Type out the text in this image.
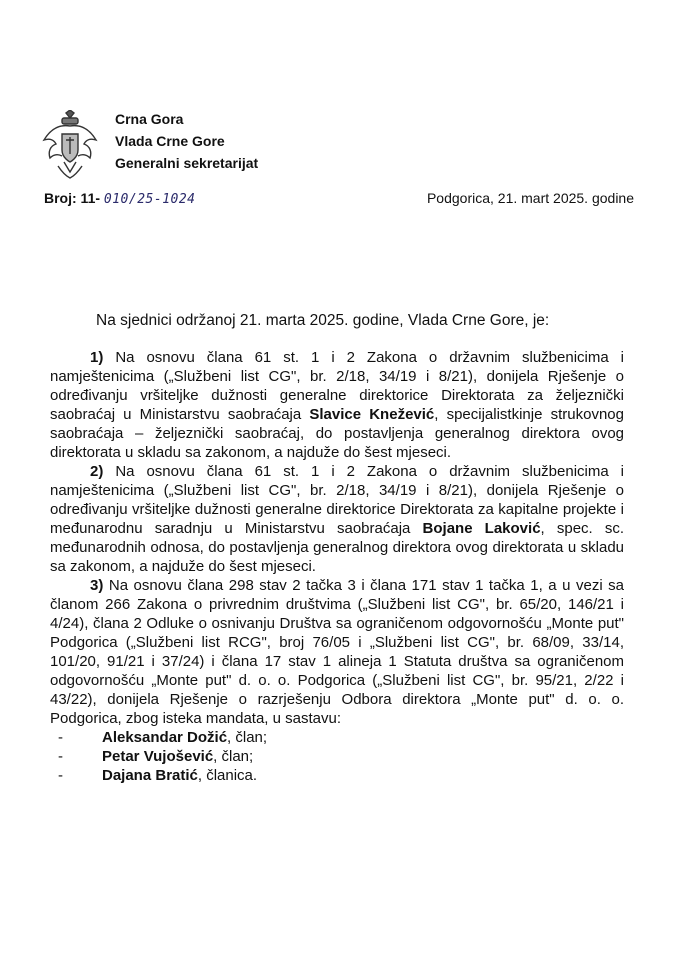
Crna Gora
Vlada Crne Gore
Generalni sekretarijat
Broj: 11- 010/25-1024	Podgorica, 21. mart 2025. godine
Na sjednici održanoj 21. marta 2025. godine, Vlada Crne Gore, je:
1) Na osnovu člana 61 st. 1 i 2 Zakona o državnim službenicima i namještenicima („Službeni list CG", br. 2/18, 34/19 i 8/21), donijela Rješenje o određivanju vršiteljke dužnosti generalne direktorice Direktorata za željeznički saobraćaj u Ministarstvu saobraćaja Slavice Knežević, specijalistkinje strukovnog saobraćaja – željeznički saobraćaj, do postavljenja generalnog direktora ovog direktorata u skladu sa zakonom, a najduže do šest mjeseci.
2) Na osnovu člana 61 st. 1 i 2 Zakona o državnim službenicima i namještenicima („Službeni list CG", br. 2/18, 34/19 i 8/21), donijela Rješenje o određivanju vršiteljke dužnosti generalne direktorice Direktorata za kapitalne projekte i međunarodnu saradnju u Ministarstvu saobraćaja Bojane Laković, spec. sc. međunarodnih odnosa, do postavljenja generalnog direktora ovog direktorata u skladu sa zakonom, a najduže do šest mjeseci.
3) Na osnovu člana 298 stav 2 tačka 3 i člana 171 stav 1 tačka 1, a u vezi sa članom 266 Zakona o privrednim društvima („Službeni list CG", br. 65/20, 146/21 i 4/24), člana 2 Odluke o osnivanju Društva sa ograničenom odgovornošću „Monte put" Podgorica („Službeni list RCG", broj 76/05 i „Službeni list CG", br. 68/09, 33/14, 101/20, 91/21 i 37/24) i člana 17 stav 1 alineja 1 Statuta društva sa ograničenom odgovornošću „Monte put" d. o. o. Podgorica („Službeni list CG", br. 95/21, 2/22 i 43/22), donijela Rješenje o razrješenju Odbora direktora „Monte put" d. o. o. Podgorica, zbog isteka mandata, u sastavu:
-	Aleksandar Dožić, član;
-	Petar Vujošević, član;
-	Dajana Bratić, članica.
